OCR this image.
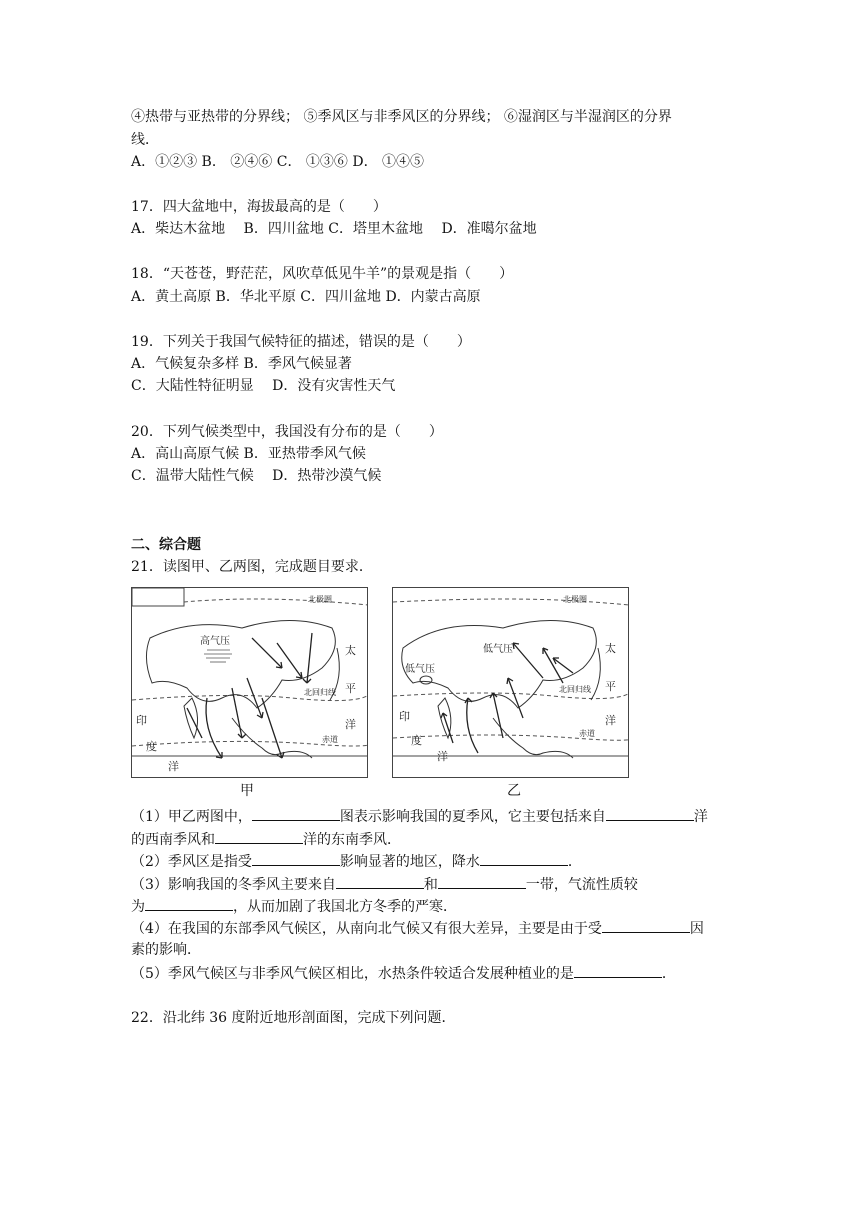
④热带与亚热带的分界线； ⑤季风区与非季风区的分界线； ⑥湿润区与半湿润区的分界
线．
A．①②③ B． ②④⑥ C． ①③⑥ D． ①④⑤
17．四大盆地中，海拔最高的是（　　）
A．柴达木盆地　 B．四川盆地 C．塔里木盆地　 D．准噶尔盆地
18．“天苍苍，野茫茫，风吹草低见牛羊”的景观是指（　　）
A．黄土高原 B．华北平原 C．四川盆地 D．内蒙古高原
19．下列关于我国气候特征的描述，错误的是（　　）
A．气候复杂多样 B．季风气候显著
C．大陆性特征明显　 D．没有灾害性天气
20．下列气候类型中，我国没有分布的是（　　）
A．高山高原气候 B．亚热带季风气候
C．温带大陆性气候　 D．热带沙漠气候
二、综合题
21．读图甲、乙两图，完成题目要求．
北极圈
高气压
北回归线
赤道
太
平
洋
印
度
洋
甲
北极圈
低气压
低气压
北回归线
赤道
太
平
洋
印
度
洋
乙
（1）甲乙两图中，	图表示影响我国的夏季风，它主要包括来自	洋
的西南季风和	洋的东南季风．
（2）季风区是指受	影响显著的地区，降水	．
（3）影响我国的冬季风主要来自	和	一带，气流性质较
为	，从而加剧了我国北方冬季的严寒．
（4）在我国的东部季风气候区，从南向北气候又有很大差异，主要是由于受	因
素的影响．
（5）季风气候区与非季风气候区相比，水热条件较适合发展种植业的是	．
22．沿北纬 36 度附近地形剖面图，完成下列问题．
